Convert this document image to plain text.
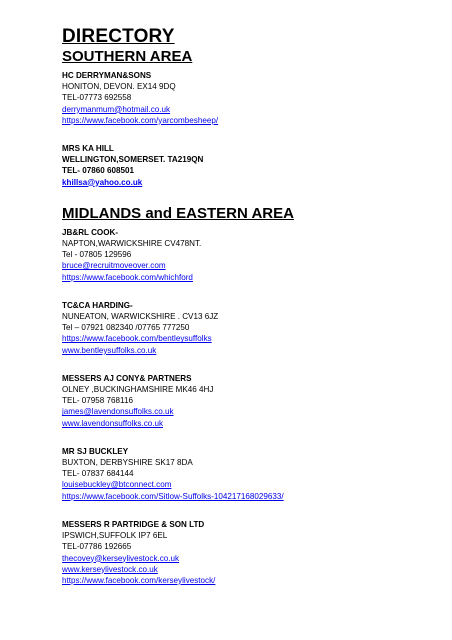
DIRECTORY
SOUTHERN AREA
HC DERRYMAN&SONS
HONITON, DEVON. EX14 9DQ
TEL-07773 692558
derrymanmum@hotmail.co.uk
https://www.facebook.com/yarcombesheep/
MRS KA HILL
WELLINGTON,SOMERSET. TA219QN
TEL- 07860 608501
khillsa@yahoo.co.uk
MIDLANDS and EASTERN AREA
JB&RL COOK-
NAPTON,WARWICKSHIRE CV478NT.
Tel - 07805 129596
bruce@recruitmoveover.com
https://www.facebook.com/whichford
TC&CA HARDING-
NUNEATON, WARWICKSHIRE . CV13 6JZ
Tel – 07921 082340 /07765 777250
https://www.facebook.com/bentleysuffolks
www.bentleysuffolks.co.uk
MESSERS AJ CONY& PARTNERS
OLNEY ,BUCKINGHAMSHIRE MK46 4HJ
TEL- 07958 768116
james@lavendonsuffolks.co.uk
www.lavendonsuffolks.co.uk
MR SJ BUCKLEY
BUXTON, DERBYSHIRE SK17 8DA
TEL- 07837 684144
louisebuckley@btconnect.com
https://www.facebook.com/Sitlow-Suffolks-104217168029633/
MESSERS R PARTRIDGE & SON LTD
IPSWICH,SUFFOLK IP7 6EL
TEL-07786 192665
thecovey@kerseylivestock.co.uk
www.kerseylivestock.co.uk
https://www.facebook.com/kerseylivestock/
